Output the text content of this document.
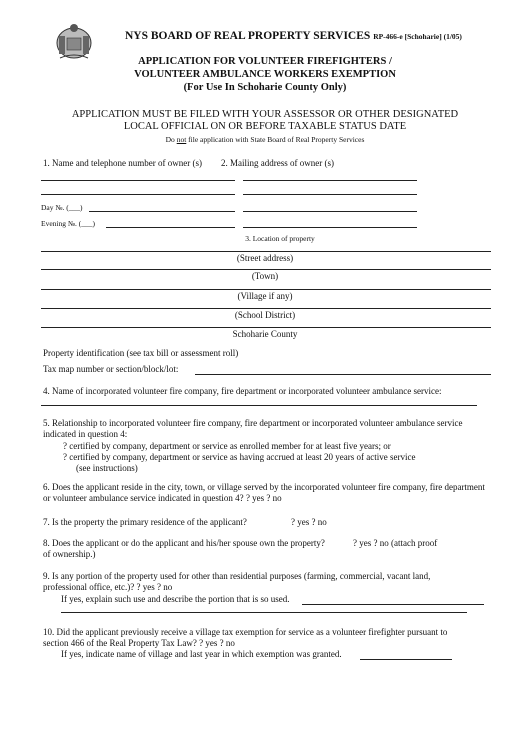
NYS BOARD OF REAL PROPERTY SERVICES RP-466-e [Schoharie] (1/05)
APPLICATION FOR VOLUNTEER FIREFIGHTERS /
VOLUNTEER AMBULANCE WORKERS EXEMPTION
(For Use In Schoharie County Only)
APPLICATION MUST BE FILED WITH YOUR ASSESSOR OR OTHER DESIGNATED
LOCAL OFFICIAL ON OR BEFORE TAXABLE STATUS DATE
Do not file application with State Board of Real Property Services
1. Name and telephone number of owner (s) 2. Mailing address of owner (s)
Day №. (___)
Evening №. (___)
3. Location of property
(Street address)
(Town)
(Village if any)
(School District)
Schoharie County
Property identification (see tax bill or assessment roll)
Tax map number or section/block/lot:
4. Name of incorporated volunteer fire company, fire department or incorporated volunteer ambulance service:
5. Relationship to incorporated volunteer fire company, fire department or incorporated volunteer ambulance service indicated in question 4:
? certified by company, department or service as enrolled member for at least five years; or
? certified by company, department or service as having accrued at least 20 years of active service
(see instructions)
6. Does the applicant reside in the city, town, or village served by the incorporated volunteer fire company, fire department or volunteer ambulance service indicated in question 4? ? yes ? no
7. Is the property the primary residence of the applicant?	? yes ? no
8. Does the applicant or do the applicant and his/her spouse own the property?	? yes ? no (attach proof
of ownership.)
9. Is any portion of the property used for other than residential purposes (farming, commercial, vacant land,
professional office, etc.)? ? yes ? no
If yes, explain such use and describe the portion that is so used.
10. Did the applicant previously receive a village tax exemption for service as a volunteer firefighter pursuant to
section 466 of the Real Property Tax Law? ? yes ? no
If yes, indicate name of village and last year in which exemption was granted.
